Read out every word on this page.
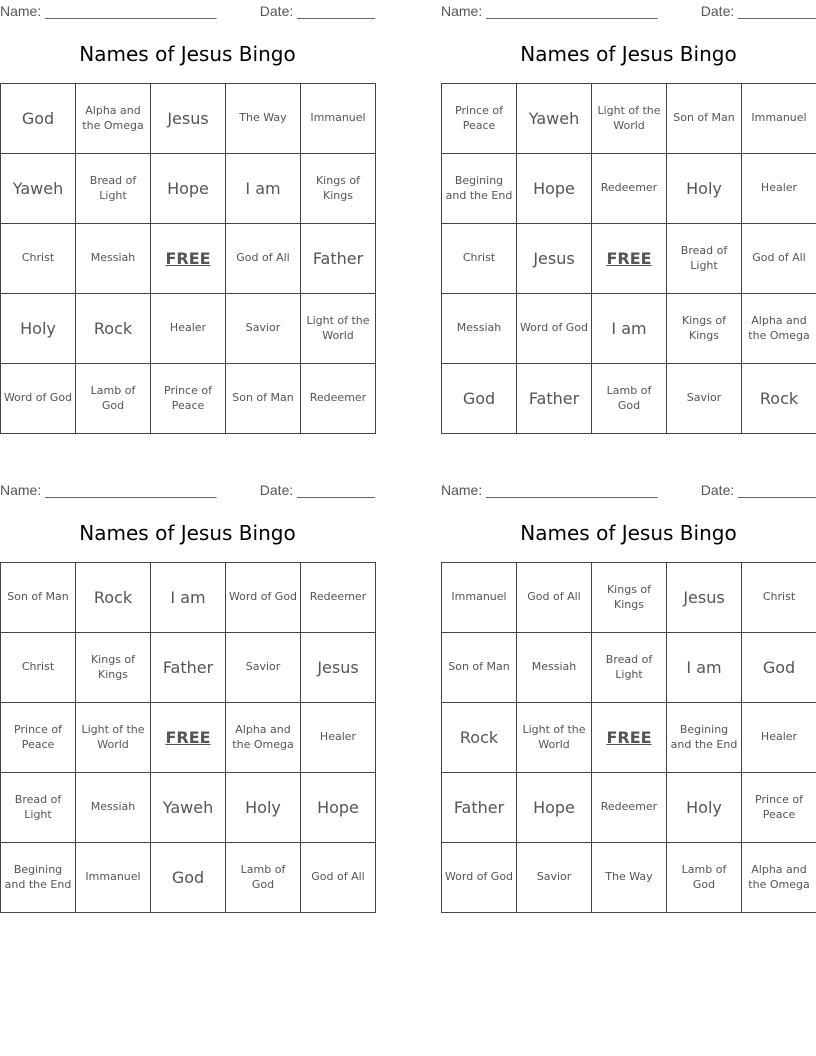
Name: ______________________	Date: __________
Names of Jesus Bingo
God	Alpha and the Omega	Jesus	The Way	Immanuel
Yaweh	Bread of Light	Hope	I am	Kings of Kings
Christ	Messiah	FREE	God of All	Father
Holy	Rock	Healer	Savior	Light of the World
Word of God	Lamb of God	Prince of Peace	Son of Man	Redeemer
Name: ______________________	Date: __________
Names of Jesus Bingo
Prince of Peace	Yaweh	Light of the World	Son of Man	Immanuel
Begining and the End	Hope	Redeemer	Holy	Healer
Christ	Jesus	FREE	Bread of Light	God of All
Messiah	Word of God	I am	Kings of Kings	Alpha and the Omega
God	Father	Lamb of God	Savior	Rock
Name: ______________________	Date: __________
Names of Jesus Bingo
Son of Man	Rock	I am	Word of God	Redeemer
Christ	Kings of Kings	Father	Savior	Jesus
Prince of Peace	Light of the World	FREE	Alpha and the Omega	Healer
Bread of Light	Messiah	Yaweh	Holy	Hope
Begining and the End	Immanuel	God	Lamb of God	God of All
Name: ______________________	Date: __________
Names of Jesus Bingo
Immanuel	God of All	Kings of Kings	Jesus	Christ
Son of Man	Messiah	Bread of Light	I am	God
Rock	Light of the World	FREE	Begining and the End	Healer
Father	Hope	Redeemer	Holy	Prince of Peace
Word of God	Savior	The Way	Lamb of God	Alpha and the Omega
